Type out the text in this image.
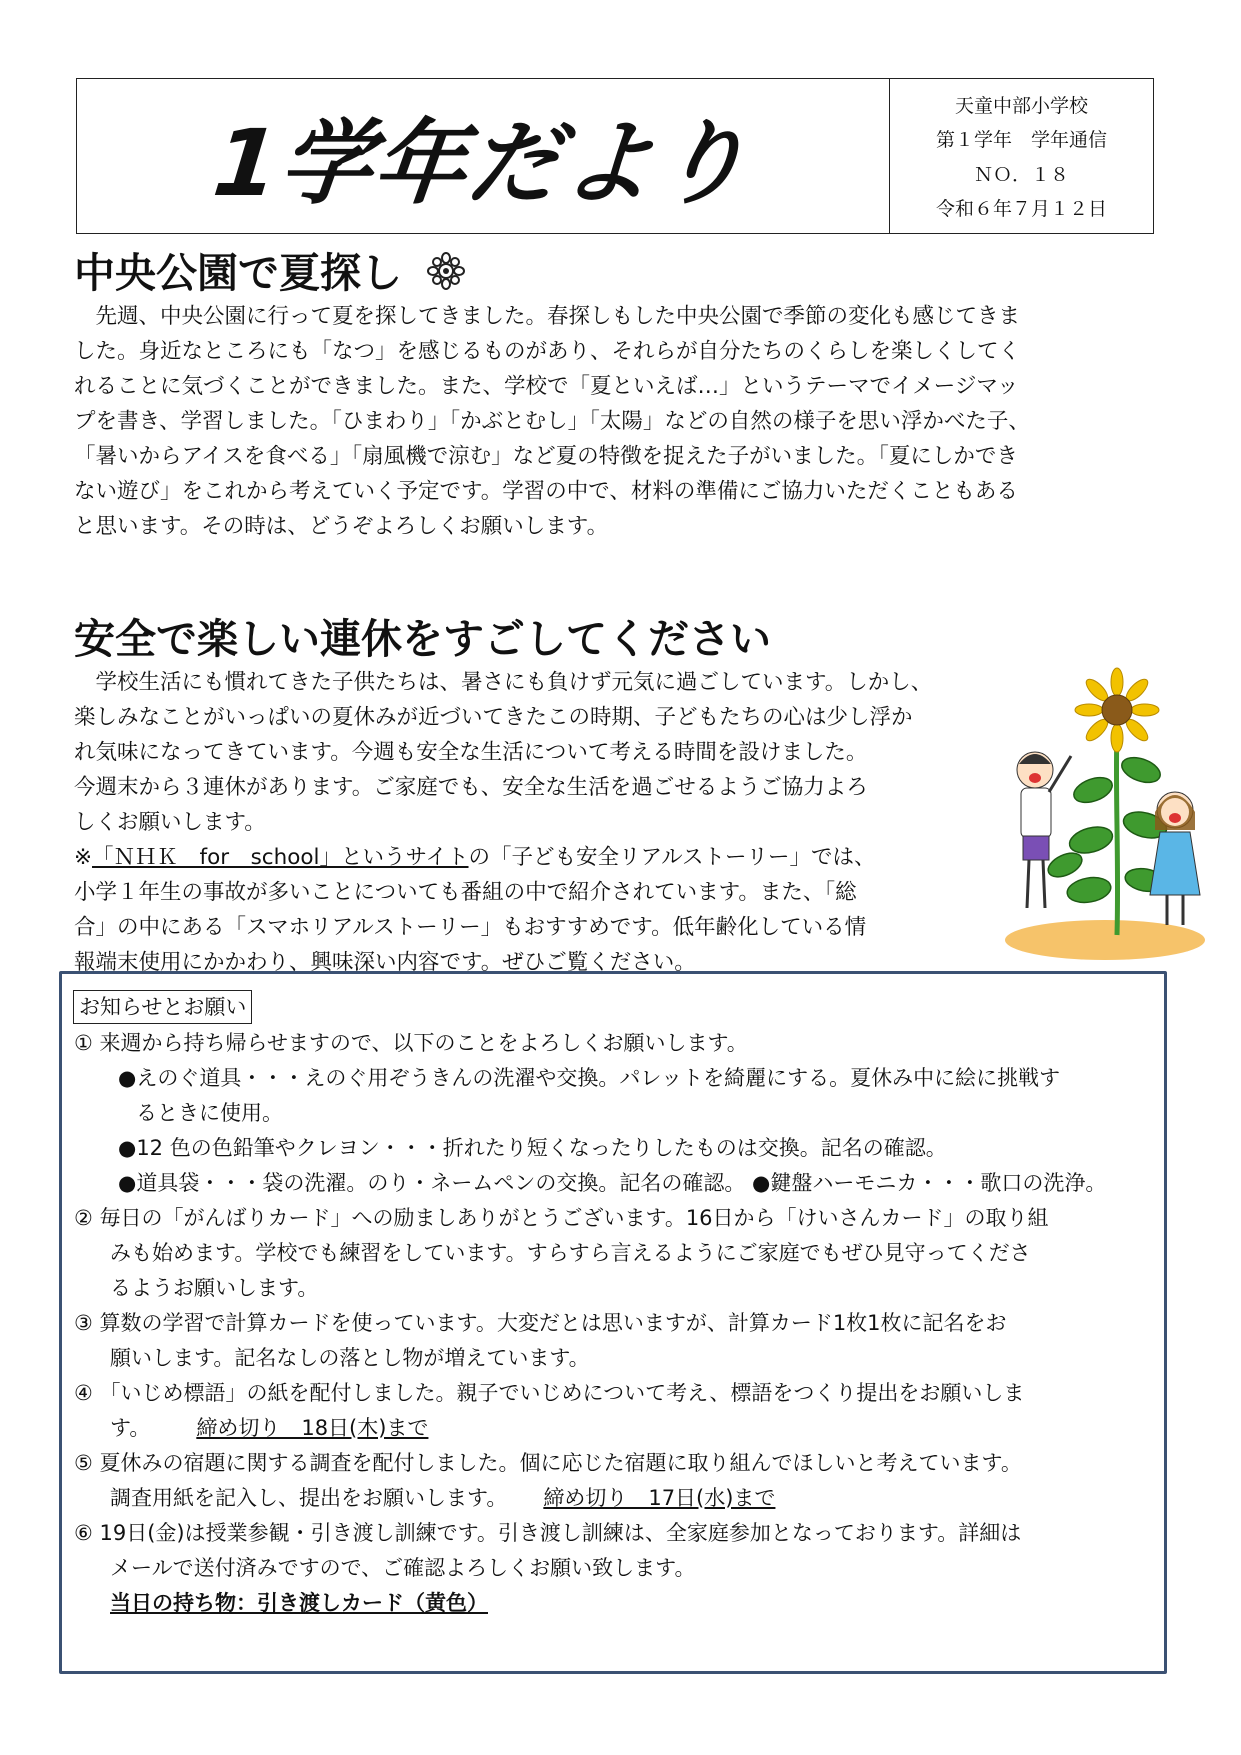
1学年だより
天童中部小学校
第１学年　学年通信
ＮＯ．１８
令和６年７月１２日
中央公園で夏探し

　先週、中央公園に行って夏を探してきました。春探しもした中央公園で季節の変化も感じてきま

した。身近なところにも「なつ」を感じるものがあり、それらが自分たちのくらしを楽しくしてく

れることに気づくことができました。また、学校で「夏といえば…」というテーマでイメージマッ

プを書き、学習しました。「ひまわり」「かぶとむし」「太陽」などの自然の様子を思い浮かべた子、

「暑いからアイスを食べる」「扇風機で涼む」など夏の特徴を捉えた子がいました。「夏にしかでき

ない遊び」をこれから考えていく予定です。学習の中で、材料の準備にご協力いただくこともある

と思います。その時は、どうぞよろしくお願いします。

安全で楽しい連休をすごしてください

　学校生活にも慣れてきた子供たちは、暑さにも負けず元気に過ごしています。しかし、

楽しみなことがいっぱいの夏休みが近づいてきたこの時期、子どもたちの心は少し浮か

れ気味になってきています。今週も安全な生活について考える時間を設けました。

今週末から３連休があります。ご家庭でも、安全な生活を過ごせるようご協力よろ

しくお願いします。

※「ＮＨＫ　for　school」というサイトの「子ども安全リアルストーリー」では、

小学１年生の事故が多いことについても番組の中で紹介されています。また、「総

合」の中にある「スマホリアルストーリー」もおすすめです。低年齢化している情

報端末使用にかかわり、興味深い内容です。ぜひご覧ください。

お知らせとお願い
① 来週から持ち帰らせますので、以下のことをよろしくお願いします。
●えのぐ道具・・・えのぐ用ぞうきんの洗濯や交換。パレットを綺麗にする。夏休み中に絵に挑戦す
るときに使用。
●12 色の色鉛筆やクレヨン・・・折れたり短くなったりしたものは交換。記名の確認。
●道具袋・・・袋の洗濯。のり・ネームペンの交換。記名の確認。 ●鍵盤ハーモニカ・・・歌口の洗浄。
② 毎日の「がんばりカード」への励ましありがとうございます。16日から「けいさんカード」の取り組
みも始めます。学校でも練習をしています。すらすら言えるようにご家庭でもぜひ見守ってくださ
るようお願いします。
③ 算数の学習で計算カードを使っています。大変だとは思いますが、計算カード1枚1枚に記名をお
願いします。記名なしの落とし物が増えています。
④ 「いじめ標語」の紙を配付しました。親子でいじめについて考え、標語をつくり提出をお願いしま
す。 締め切り　18日(木)まで
⑤ 夏休みの宿題に関する調査を配付しました。個に応じた宿題に取り組んでほしいと考えています。
調査用紙を記入し、提出をお願いします。 締め切り　17日(水)まで
⑥ 19日(金)は授業参観・引き渡し訓練です。引き渡し訓練は、全家庭参加となっております。詳細は
メールで送付済みですので、ご確認よろしくお願い致します。
当日の持ち物：引き渡しカード（黄色）
